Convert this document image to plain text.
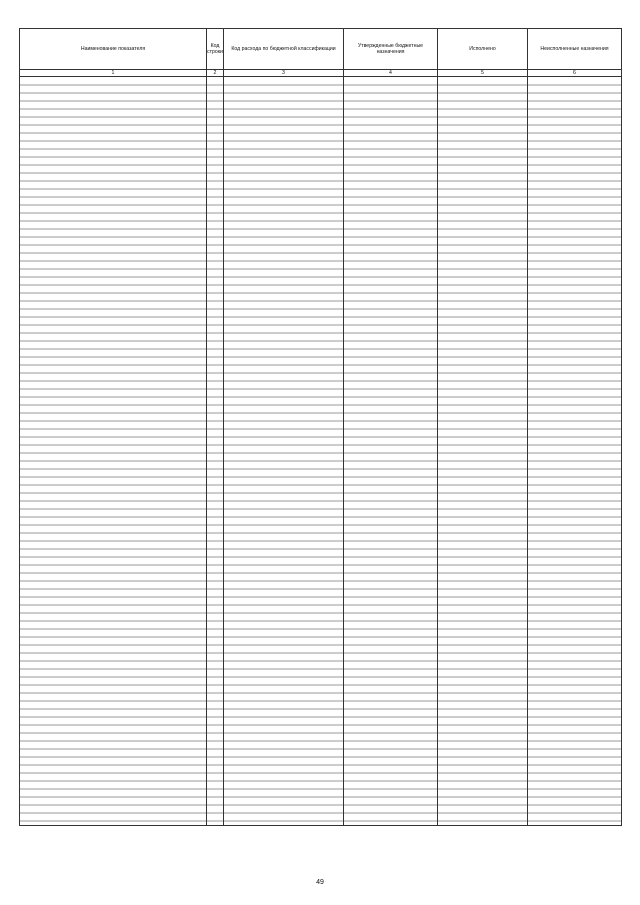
Наименование показателя	Код строки	Код расхода по бюджетной классификации	Утвержденные бюджетные назначения	Исполнено	Неисполненные назначения
1	2	3	4	5	6

49
